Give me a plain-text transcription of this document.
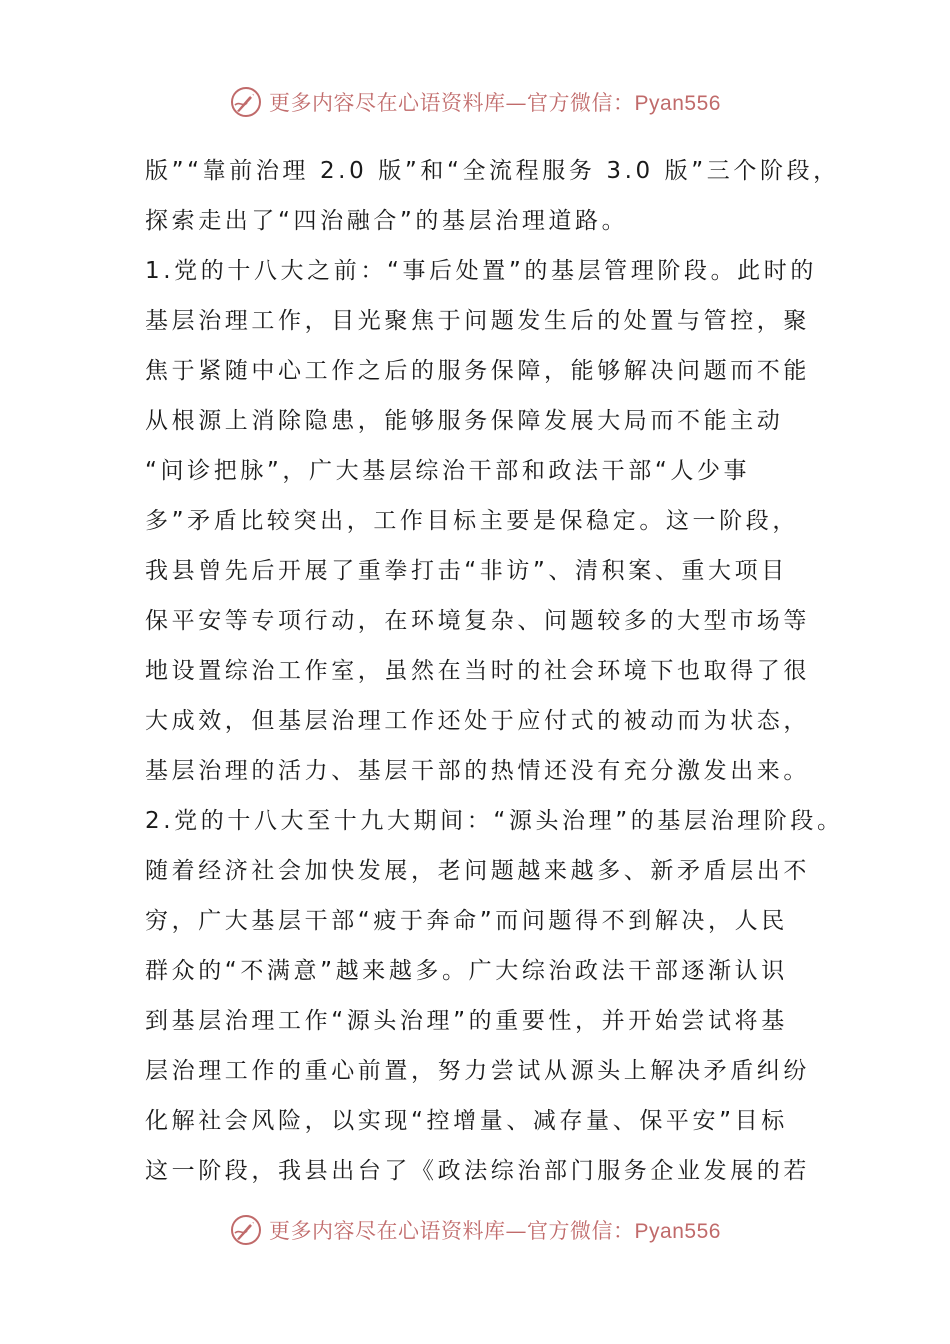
更多内容尽在心语资料库—官方微信：Pyan556
版”“靠前治理 2.0 版”和“全流程服务 3.0 版”三个阶段，
探索走出了“四治融合”的基层治理道路。
1.党的十八大之前：“事后处置”的基层管理阶段。此时的
基层治理工作，目光聚焦于问题发生后的处置与管控，聚
焦于紧随中心工作之后的服务保障，能够解决问题而不能
从根源上消除隐患，能够服务保障发展大局而不能主动
“问诊把脉”，广大基层综治干部和政法干部“人少事
多”矛盾比较突出，工作目标主要是保稳定。这一阶段，
我县曾先后开展了重拳打击“非访”、清积案、重大项目
保平安等专项行动，在环境复杂、问题较多的大型市场等
地设置综治工作室，虽然在当时的社会环境下也取得了很
大成效，但基层治理工作还处于应付式的被动而为状态，
基层治理的活力、基层干部的热情还没有充分激发出来。
2.党的十八大至十九大期间：“源头治理”的基层治理阶段。
随着经济社会加快发展，老问题越来越多、新矛盾层出不
穷，广大基层干部“疲于奔命”而问题得不到解决，人民
群众的“不满意”越来越多。广大综治政法干部逐渐认识
到基层治理工作“源头治理”的重要性，并开始尝试将基
层治理工作的重心前置，努力尝试从源头上解决矛盾纠纷
化解社会风险，以实现“控增量、减存量、保平安”目标
这一阶段，我县出台了《政法综治部门服务企业发展的若
更多内容尽在心语资料库—官方微信：Pyan556
